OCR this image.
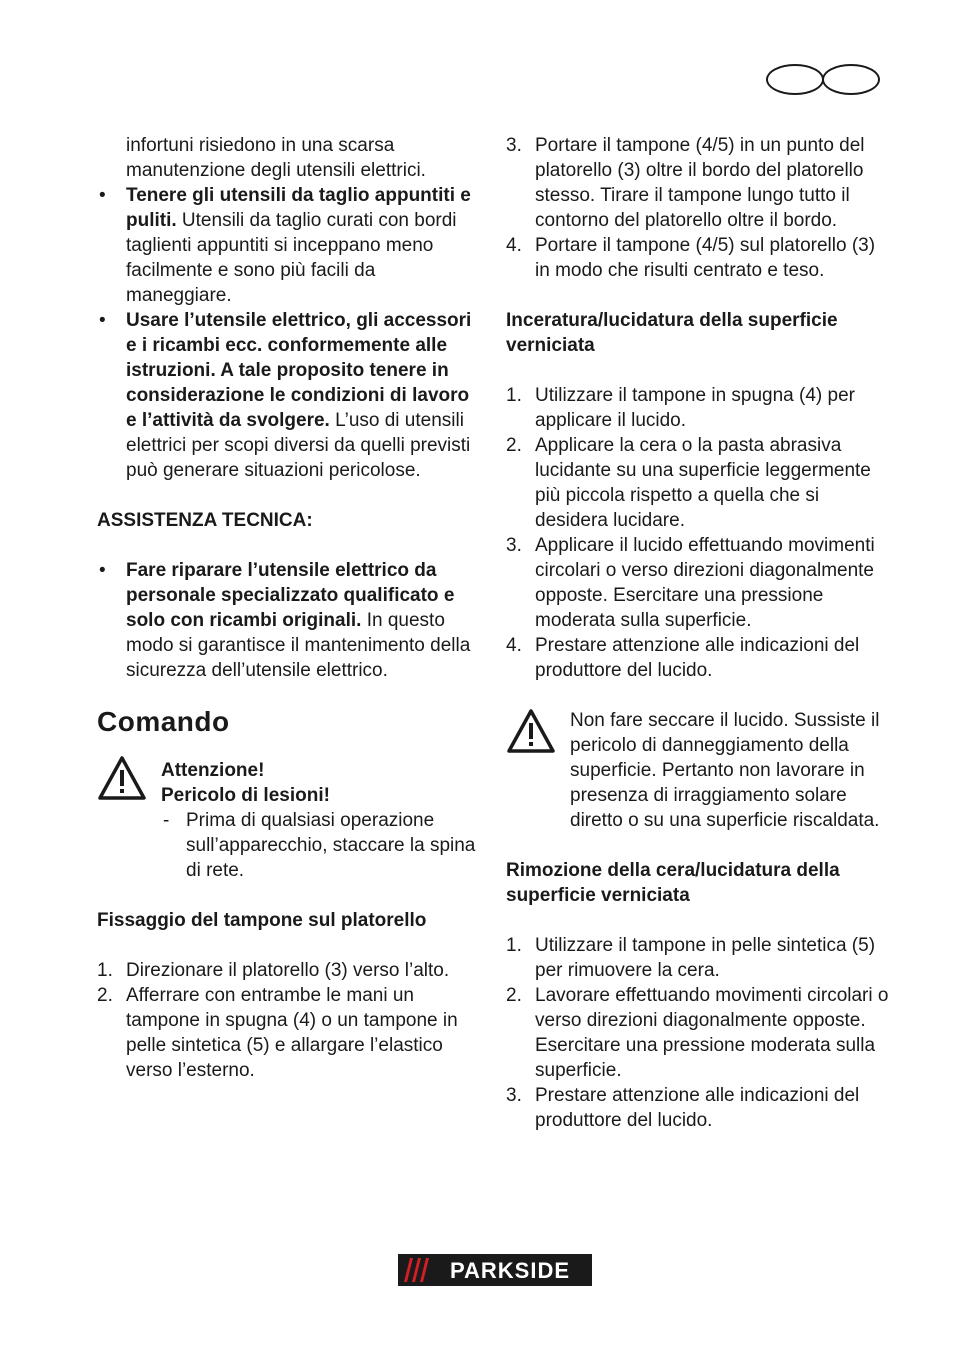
infortuni risiedono in una scarsa manutenzione degli utensili elettrici.

• Tenere gli utensili da taglio appuntiti e puliti. Utensili da taglio curati con bordi taglienti appuntiti si inceppano meno facilmente e sono più facili da maneggiare.
• Usare l’utensile elettrico, gli accessori e i ricambi ecc. conformemente alle istruzioni. A tale proposito tenere in considerazione le condizioni di lavoro e l’attività da svolgere. L’uso di utensili elettrici per scopi diversi da quelli previsti può generare situazioni pericolose.

ASSISTENZA TECNICA:

• Fare riparare l’utensile elettrico da personale specializzato qualificato e solo con ricambi originali. In questo modo si garantisce il mantenimento della sicurezza dell’utensile elettrico.
Comando

Attenzione!

Pericolo di lesioni!

- Prima di qualsiasi operazione sull’apparecchio, staccare la spina di rete.

Fissaggio del tampone sul platorello

1. Direzionare il platorello (3) verso l’alto.
2. Afferrare con entrambe le mani un tampone in spugna (4) o un tampone in pelle sintetica (5) e allargare l’elastico verso l’esterno.
3. Portare il tampone (4/5) in un punto del platorello (3) oltre il bordo del platorello stesso. Tirare il tampone lungo tutto il contorno del platorello oltre il bordo.
4. Portare il tampone (4/5) sul platorello (3) in modo che risulti centrato e teso.

Inceratura/lucidatura della superficie verniciata

1. Utilizzare il tampone in spugna (4) per applicare il lucido.
2. Applicare la cera o la pasta abrasiva lucidante su una superficie leggermente più piccola rispetto a quella che si desidera lucidare.
3. Applicare il lucido effettuando movimenti circolari o verso direzioni diagonalmente opposte. Esercitare una pressione moderata sulla superficie.
4. Prestare attenzione alle indicazioni del produttore del lucido.

Non fare seccare il lucido. Sussiste il pericolo di danneggiamento della superficie. Pertanto non lavorare in presenza di irraggiamento solare diretto o su una superficie riscaldata.

Rimozione della cera/lucidatura della superficie verniciata

1. Utilizzare il tampone in pelle sintetica (5) per rimuovere la cera.
2. Lavorare effettuando movimenti circolari o verso direzioni diagonalmente opposte. Esercitare una pressione moderata sulla superficie.
3. Prestare attenzione alle indicazioni del produttore del lucido.
PARKSIDE
